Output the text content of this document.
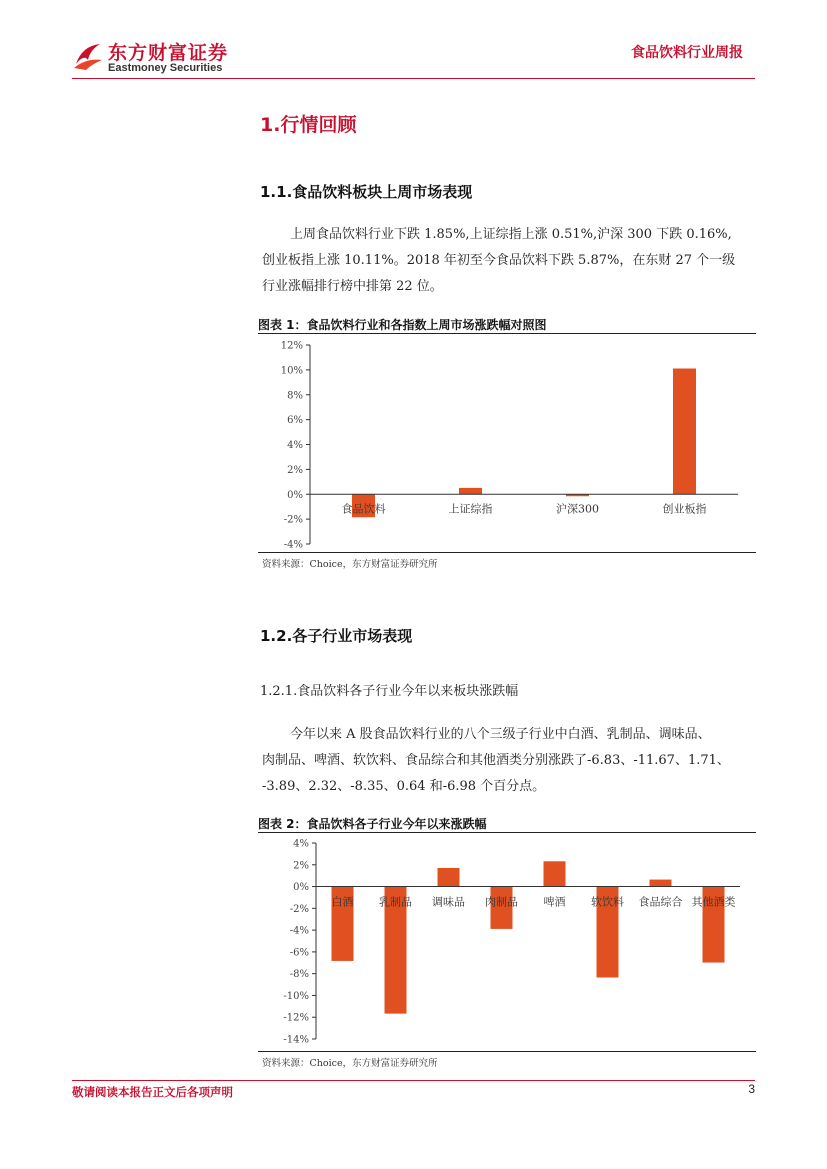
东方财富证券
Eastmoney Securities
食品饮料行业周报
1.行情回顾
1.1.食品饮料板块上周市场表现
上周食品饮料行业下跌 1.85%,上证综指上涨 0.51%,沪深 300 下跌 0.16%,
创业板指上涨 10.11%。2018 年初至今食品饮料下跌 5.87%，在东财 27 个一级
行业涨幅排行榜中排第 22 位。
图表 1：食品饮料行业和各指数上周市场涨跌幅对照图
-4%
-2%
0%
2%
4%
6%
8%
10%
12%
食品饮料	上证综指	沪深300	创业板指
资料来源：Choice，东方财富证券研究所
1.2.各子行业市场表现
1.2.1.食品饮料各子行业今年以来板块涨跌幅
今年以来 A 股食品饮料行业的八个三级子行业中白酒、乳制品、调味品、
肉制品、啤酒、软饮料、食品综合和其他酒类分别涨跌了-6.83、-11.67、1.71、
-3.89、2.32、-8.35、0.64 和-6.98 个百分点。
图表 2：食品饮料各子行业今年以来涨跌幅
-14%
-12%
-10%
-8%
-6%
-4%
-2%
0%
2%
4%
白酒 乳制品 调味品 肉制品 啤酒 软饮料 食品综合 其他酒类
资料来源：Choice，东方财富证券研究所
敬请阅读本报告正文后各项声明	3
